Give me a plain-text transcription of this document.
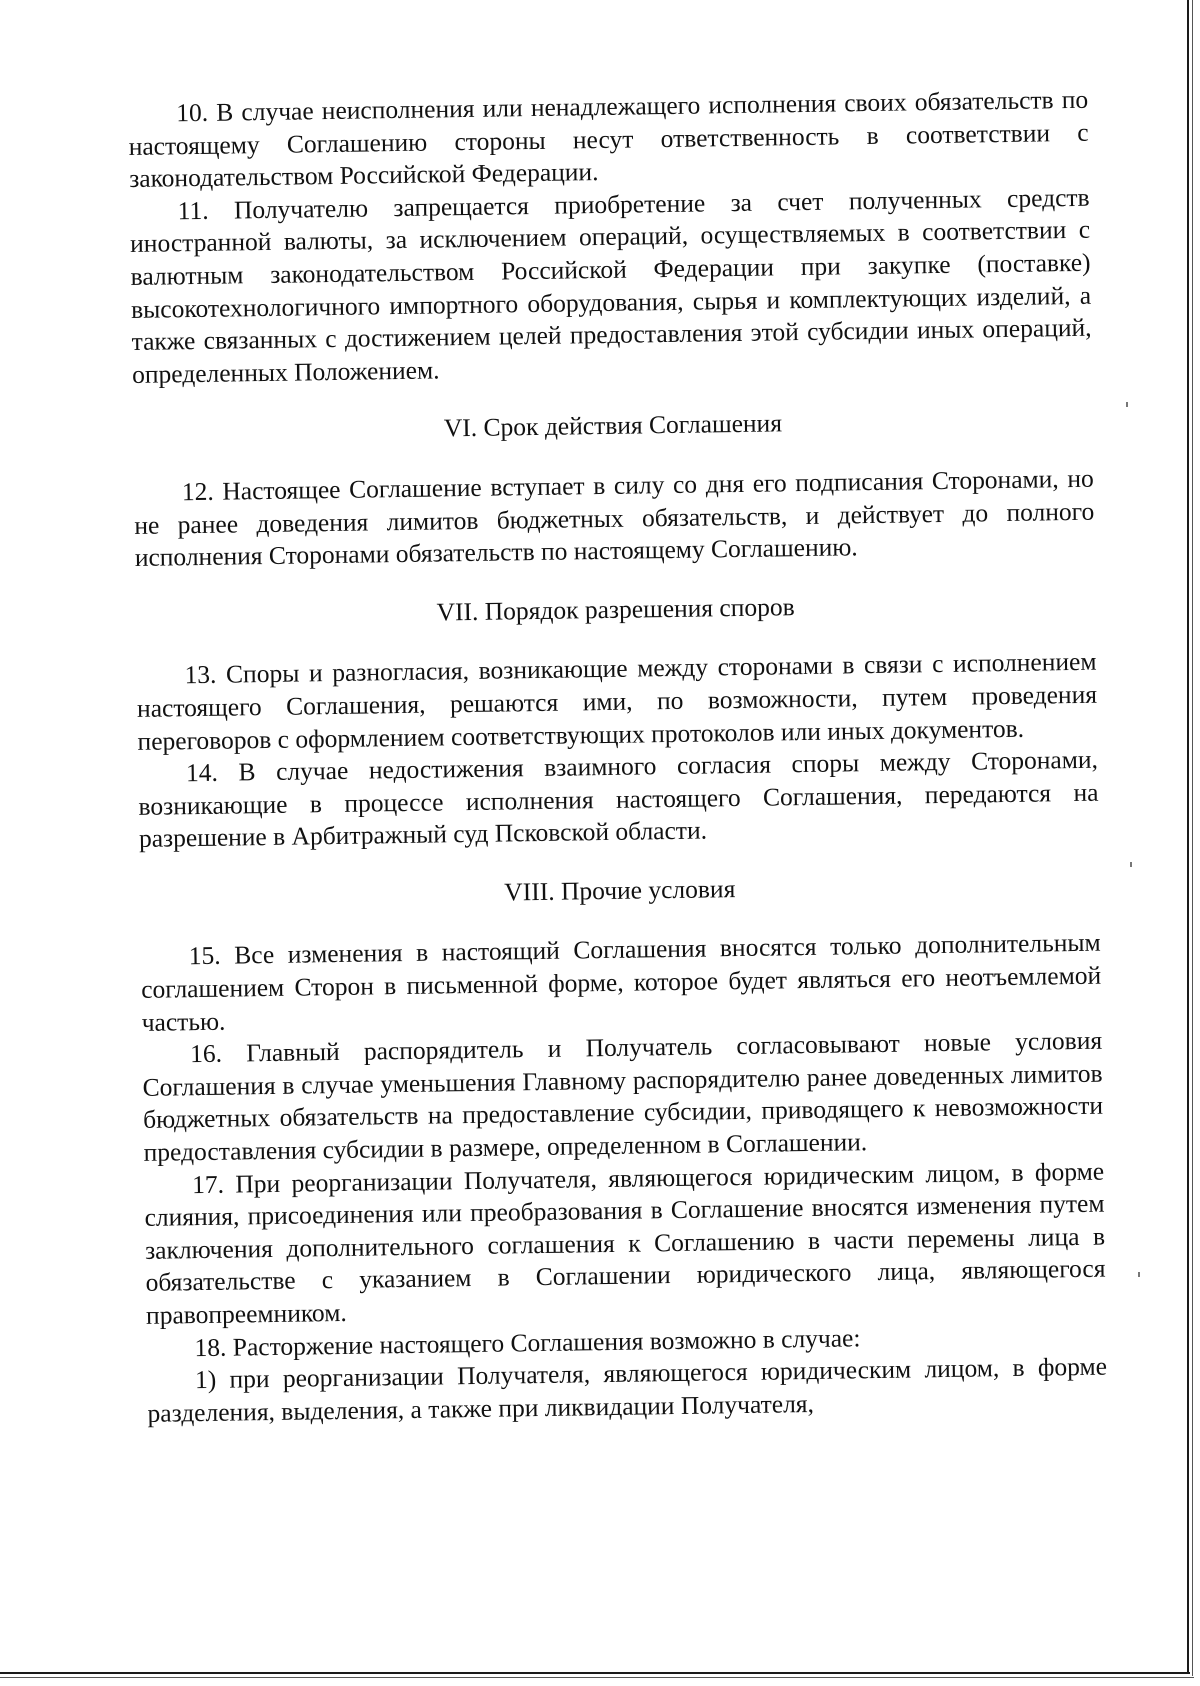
10. В случае неисполнения или ненадлежащего исполнения своих обязательств по настоящему Соглашению стороны несут ответственность в соответствии с законодательством Российской Федерации.

11. Получателю запрещается приобретение за счет полученных средств иностранной валюты, за исключением операций, осуществляемых в соответствии с валютным законодательством Российской Федерации при закупке (поставке) высокотехнологичного импортного оборудования, сырья и комплектующих изделий, а также связанных с достижением целей предоставления этой субсидии иных операций, определенных Положением.

VI. Срок действия Соглашения

12. Настоящее Соглашение вступает в силу со дня его подписания Сторонами, но не ранее доведения лимитов бюджетных обязательств, и действует до полного исполнения Сторонами обязательств по настоящему Соглашению.

VII. Порядок разрешения споров

13. Споры и разногласия, возникающие между сторонами в связи с исполнением настоящего Соглашения, решаются ими, по возможности, путем проведения переговоров с оформлением соответствующих протоколов или иных документов.

14. В случае недостижения взаимного согласия споры между Сторонами, возникающие в процессе исполнения настоящего Соглашения, передаются на разрешение в Арбитражный суд Псковской области.

VIII. Прочие условия

15. Все изменения в настоящий Соглашения вносятся только дополнительным соглашением Сторон в письменной форме, которое будет являться его неотъемлемой частью.

16. Главный распорядитель и Получатель согласовывают новые условия Соглашения в случае уменьшения Главному распорядителю ранее доведенных лимитов бюджетных обязательств на предоставление субсидии, приводящего к невозможности предоставления субсидии в размере, определенном в Соглашении.

17. При реорганизации Получателя, являющегося юридическим лицом, в форме слияния, присоединения или преобразования в Соглашение вносятся изменения путем заключения дополнительного соглашения к Соглашению в части перемены лица в обязательстве с указанием в Соглашении юридического лица, являющегося правопреемником.

18. Расторжение настоящего Соглашения возможно в случае:

1) при реорганизации Получателя, являющегося юридическим лицом, в форме разделения, выделения, а также при ликвидации Получателя,
